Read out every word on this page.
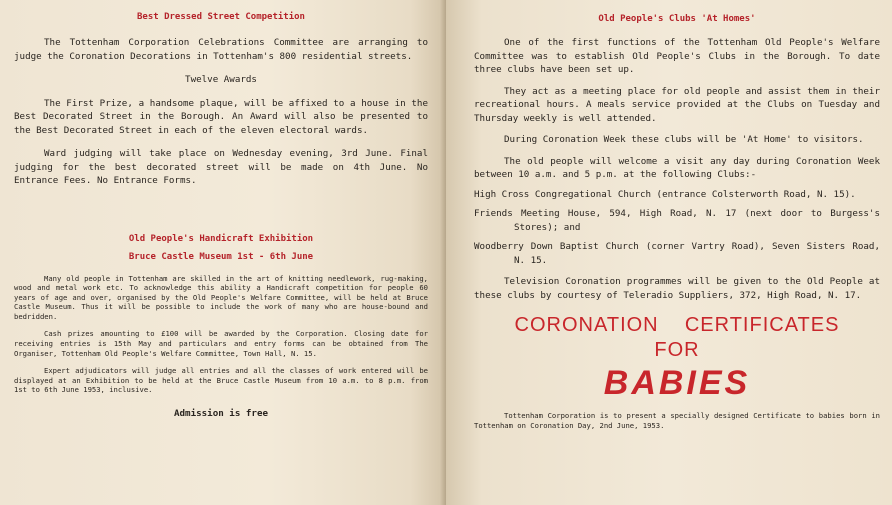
Best Dressed Street Competition

The Tottenham Corporation Celebrations Committee are arranging to judge the Coronation Decorations in Tottenham's 800 residential streets.

Twelve Awards

The First Prize, a handsome plaque, will be affixed to a house in the Best Decorated Street in the Borough. An Award will also be presented to the Best Decorated Street in each of the eleven electoral wards.

Ward judging will take place on Wednesday evening, 3rd June. Final judging for the best decorated street will be made on 4th June. No Entrance Fees. No Entrance Forms.

Old People's Handicraft Exhibition

Bruce Castle Museum 1st - 6th June

Many old people in Tottenham are skilled in the art of knitting needlework, rug-making, wood and metal work etc. To acknowledge this ability a Handicraft competition for people 60 years of age and over, organised by the Old People's Welfare Committee, will be held at Bruce Castle Museum. Thus it will be possible to include the work of many who are house-bound and bedridden.

Cash prizes amounting to £100 will be awarded by the Corporation. Closing date for receiving entries is 15th May and particulars and entry forms can be obtained from The Organiser, Tottenham Old People's Welfare Committee, Town Hall, N. 15.

Expert adjudicators will judge all entries and all the classes of work entered will be displayed at an Exhibition to be held at the Bruce Castle Museum from 10 a.m. to 8 p.m. from 1st to 6th June 1953, inclusive.

Admission is free

Old People's Clubs 'At Homes'

One of the first functions of the Tottenham Old People's Welfare Committee was to establish Old People's Clubs in the Borough. To date three clubs have been set up.

They act as a meeting place for old people and assist them in their recreational hours. A meals service provided at the Clubs on Tuesday and Thursday weekly is well attended.

During Coronation Week these clubs will be 'At Home' to visitors.

The old people will welcome a visit any day during Coronation Week between 10 a.m. and 5 p.m. at the following Clubs:-

High Cross Congregational Church (entrance Colsterworth Road, N. 15).

Friends Meeting House, 594, High Road, N. 17 (next door to Burgess's Stores); and

Woodberry Down Baptist Church (corner Vartry Road), Seven Sisters Road, N. 15.

Television Coronation programmes will be given to the Old People at these clubs by courtesy of Teleradio Suppliers, 372, High Road, N. 17.

CORONATION    CERTIFICATES

FOR

BABIES

Tottenham Corporation is to present a specially designed Certificate to babies born in Tottenham on Coronation Day, 2nd June, 1953.
